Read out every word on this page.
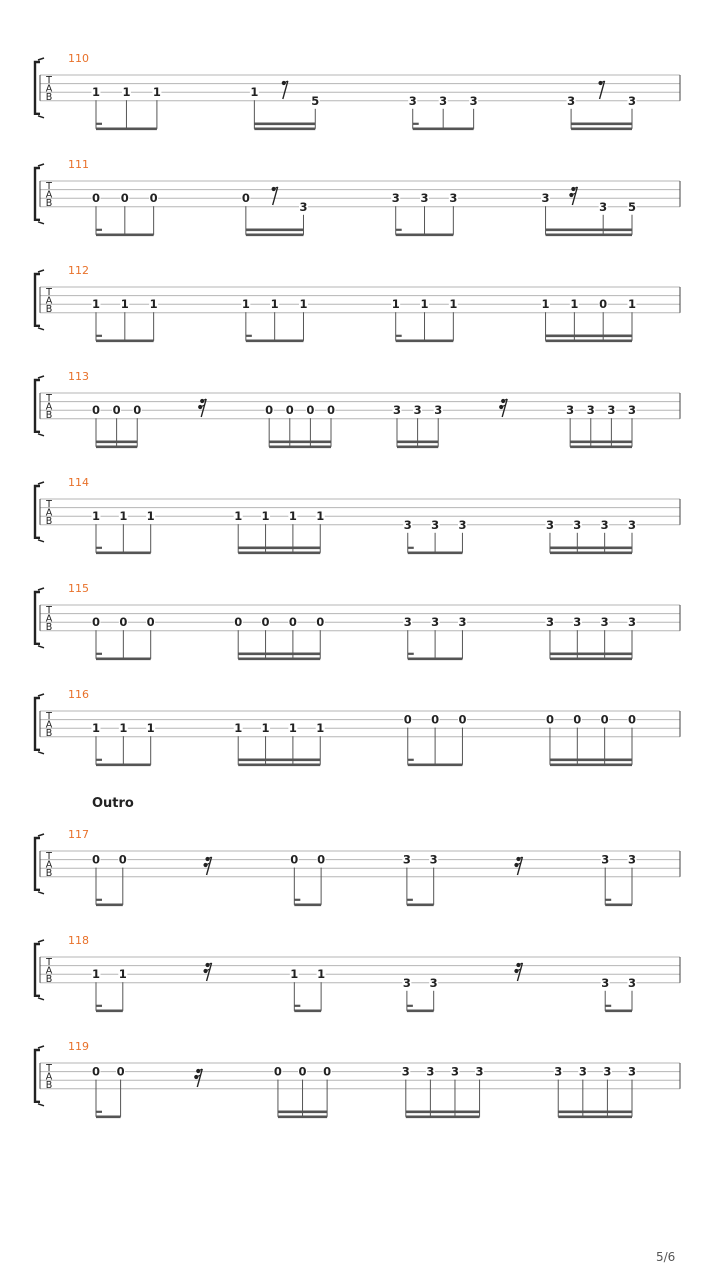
110
T
A
B	1 1 1	1
5	3 3 3	3	3
111
T
A
B	0 0 0	0
3
3 3 3	3
3 5
112
T
A
B	1 1 1	1 1 1	1 1 1	1 1 0 1
113
T
A
B	0 0 0	0 0 0 0	3 3 3	3 3 3 3
114
T
A
B	1 1 1	1 1 1 1
3 3 3	3 3 3 3
115
T
A
B	0 0 0	0 0 0 0	3 3 3	3 3 3 3
116
T
A
B	1 1 1	1 1 1 1
0 0 0	0 0 0 0
117
T
A
B
0 0	0 0	3 3	3 3
118
T
A
B	1 1	1 1
3 3	3 3
119
T
A
B
0 0	0 0 0	3 3 3 3	3 3 3 3
Outro
5/6
